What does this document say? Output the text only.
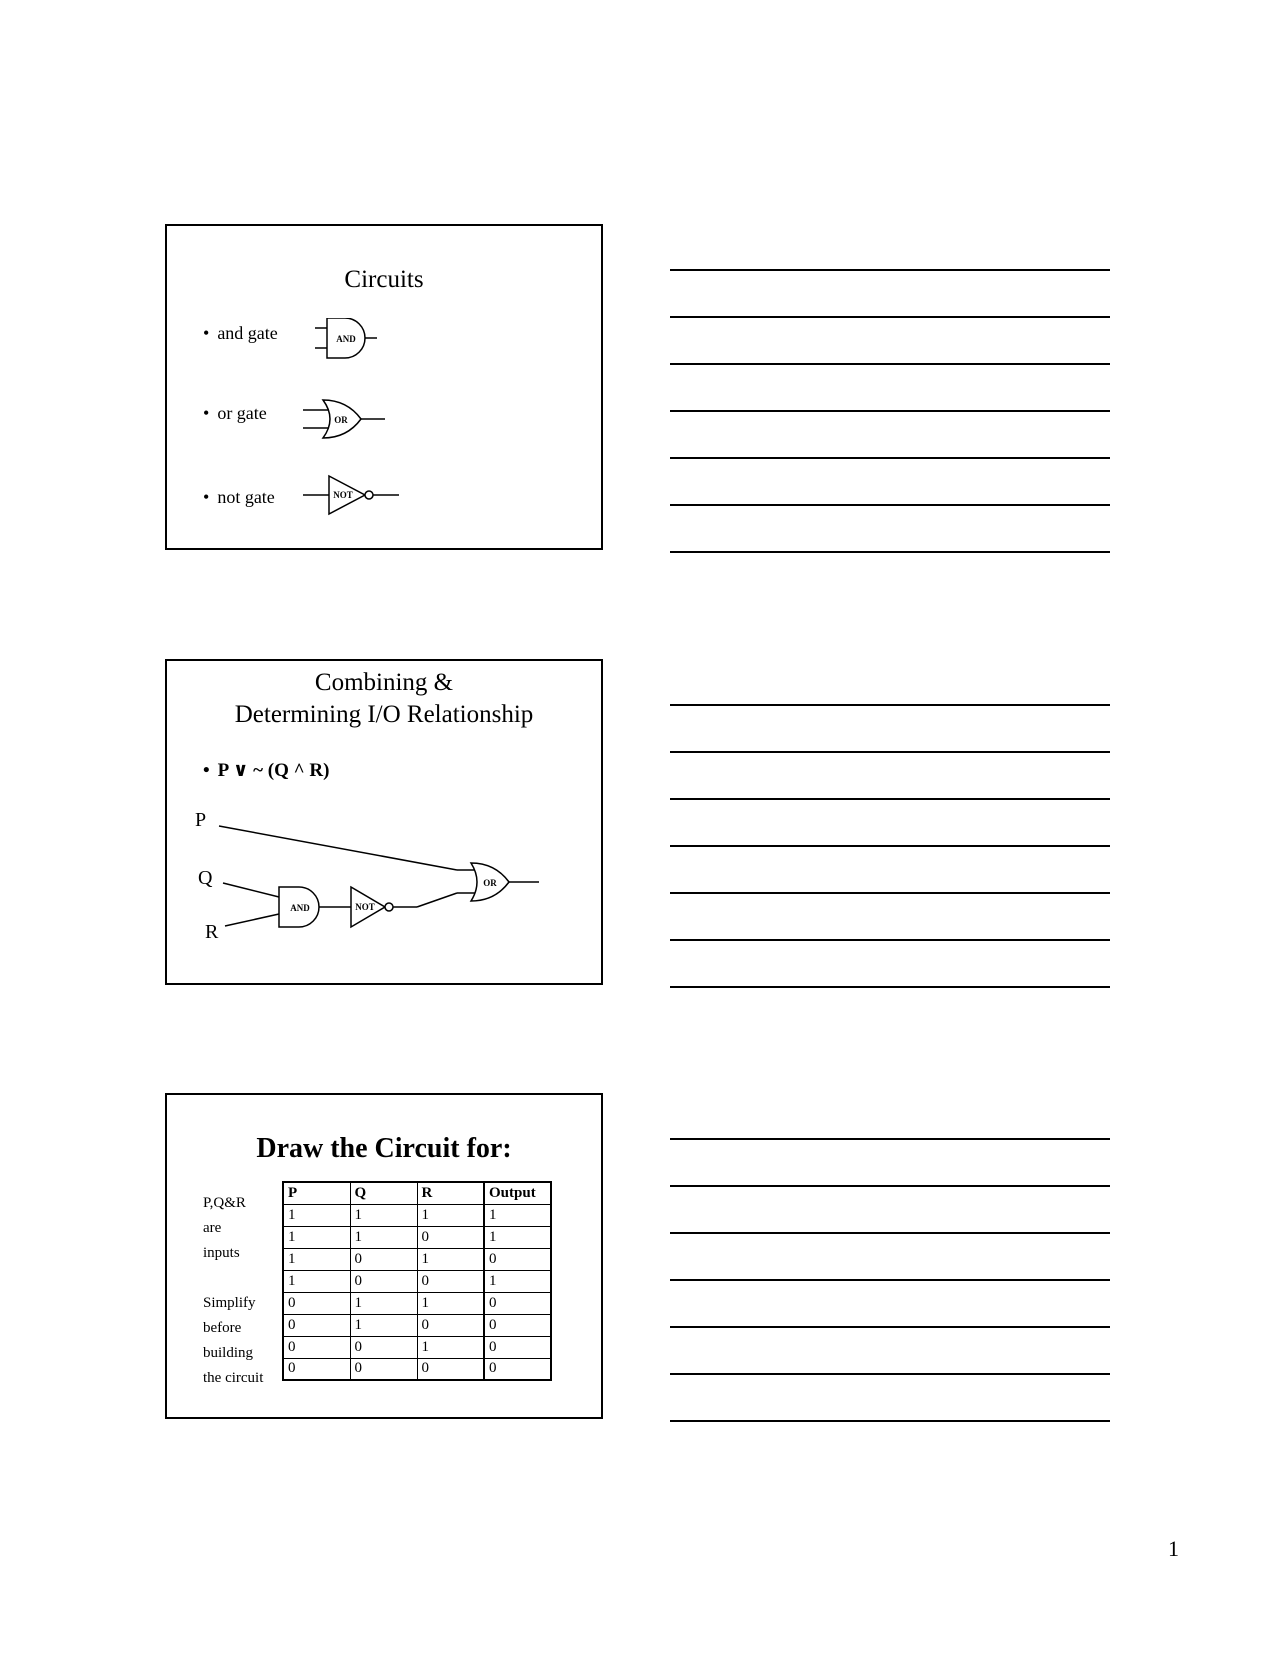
Circuits
• and gate	AND
• or gate	OR
• not gate	NOT
Combining &
Determining I/O Relationship
• P ∨ ~ (Q ^ R)
P
Q
R
AND	NOT
OR
Draw the Circuit for:
P,Q&R
are
inputs
Simplify
before
building
the circuit
P	Q	R	Output
1	1	1	1
1	1	0	1
1	0	1	0
1	0	0	1
0	1	1	0
0	1	0	0
0	0	1	0
0	0	0	0
1
